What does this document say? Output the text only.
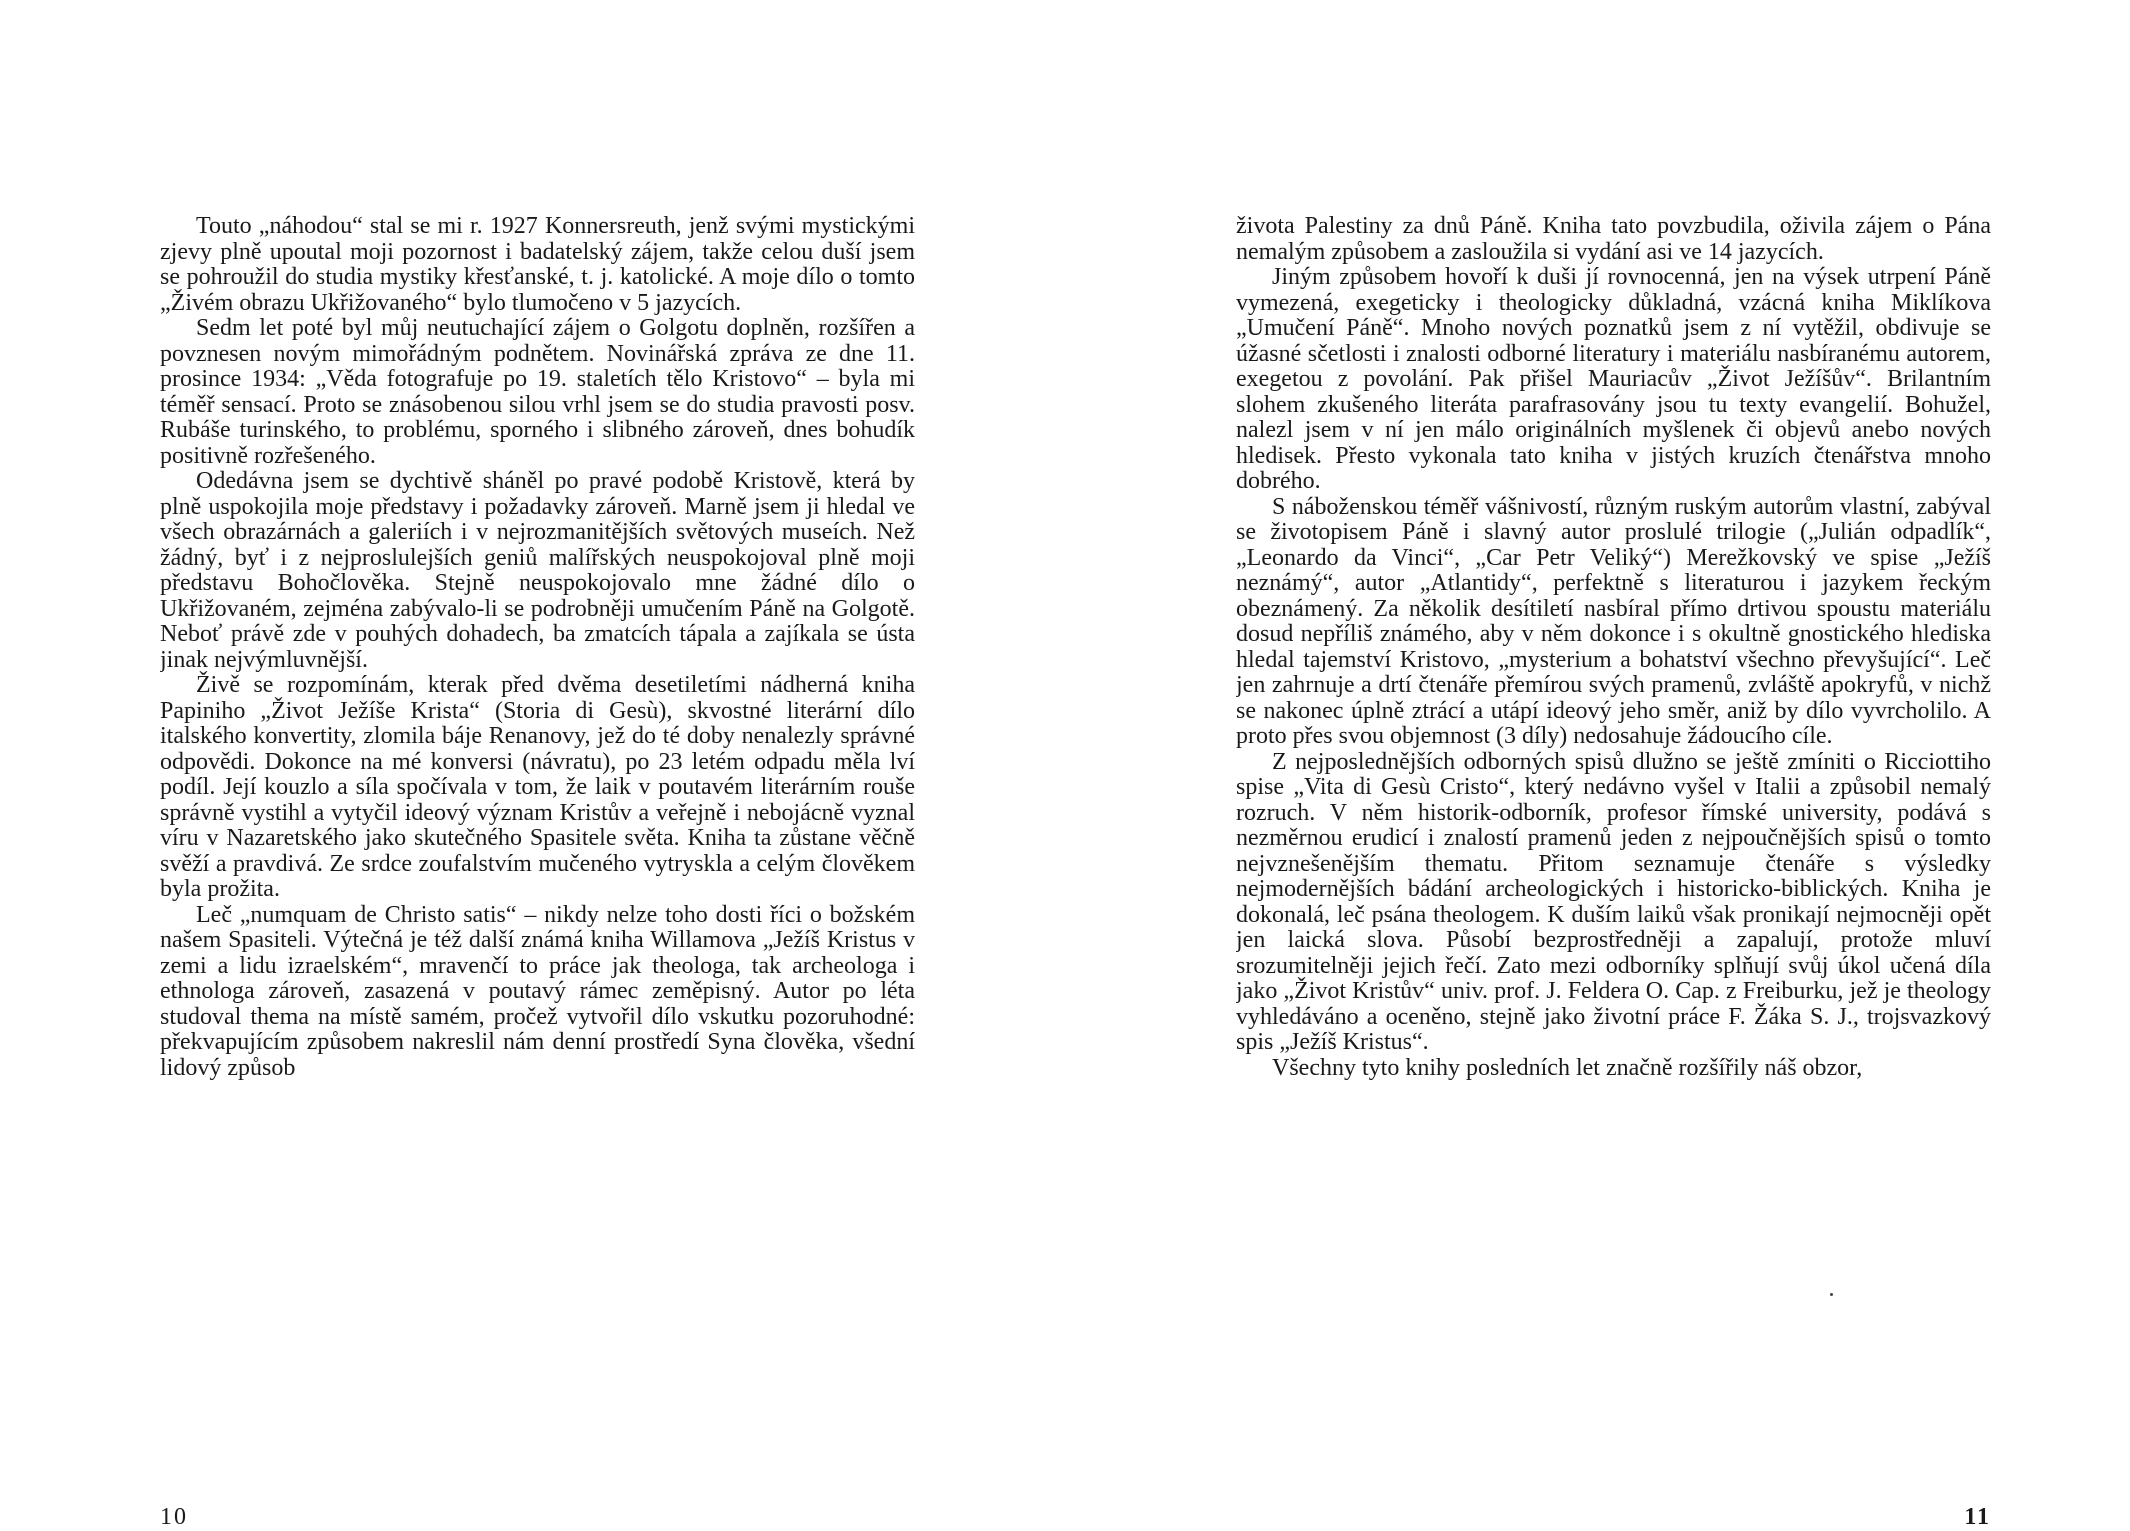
Touto „náhodou“ stal se mi r. 1927 Konnersreuth, jenž svými mystickými zjevy plně upoutal moji pozornost i badatelský zájem, takže celou duší jsem se pohroužil do studia mystiky křesťanské, t. j. katolické. A moje dílo o tomto „Živém obrazu Ukřižovaného“ bylo tlumočeno v 5 jazycích.

Sedm let poté byl můj neutuchající zájem o Golgotu doplněn, rozšířen a povznesen novým mimořádným podnětem. Novinářská zpráva ze dne 11. prosince 1934: „Věda fotografuje po 19. staletích tělo Kristovo“ – byla mi téměř sensací. Proto se znásobenou silou vrhl jsem se do studia pravosti posv. Rubáše turinského, to problému, sporného i slibného zároveň, dnes bohudík positivně rozřešeného.

Odedávna jsem se dychtivě sháněl po pravé podobě Kristově, která by plně uspokojila moje představy i požadavky zároveň. Marně jsem ji hledal ve všech obrazárnách a galeriích i v nejrozmanitějších světových museích. Než žádný, byť i z nejproslulejších geniů malířských neuspokojoval plně moji představu Bohočlověka. Stejně neuspokojovalo mne žádné dílo o Ukřižovaném, zejména zabývalo-li se podrobněji umučením Páně na Golgotě. Neboť právě zde v pouhých dohadech, ba zmatcích tápala a zajíkala se ústa jinak nejvýmluvnější.

Živě se rozpomínám, kterak před dvěma desetiletími nádherná kniha Papiniho „Život Ježíše Krista“ (Storia di Gesù), skvostné literární dílo italského konvertity, zlomila báje Renanovy, jež do té doby nenalezly správné odpovědi. Dokonce na mé konversi (návratu), po 23 letém odpadu měla lví podíl. Její kouzlo a síla spočívala v tom, že laik v poutavém literárním rouše správně vystihl a vytyčil ideový význam Kristův a veřejně i nebojácně vyznal víru v Nazaretského jako skutečného Spasitele světa. Kniha ta zůstane věčně svěží a pravdivá. Ze srdce zoufalstvím mučeného vytryskla a celým člověkem byla prožita.

Leč „numquam de Christo satis“ – nikdy nelze toho dosti říci o božském našem Spasiteli. Výtečná je též další známá kniha Willamova „Ježíš Kristus v zemi a lidu izraelském“, mravenčí to práce jak theologa, tak archeologa i ethnologa zároveň, zasazená v poutavý rámec zeměpisný. Autor po léta studoval thema na místě samém, pročež vytvořil dílo vskutku pozoruhodné: překvapujícím způsobem nakreslil nám denní prostředí Syna člověka, všední lidový způsob

10

života Palestiny za dnů Páně. Kniha tato povzbudila, oživila zájem o Pána nemalým způsobem a zasloužila si vydání asi ve 14 jazycích.

Jiným způsobem hovoří k duši jí rovnocenná, jen na výsek utrpení Páně vymezená, exegeticky i theologicky důkladná, vzácná kniha Miklíkova „Umučení Páně“. Mnoho nových poznatků jsem z ní vytěžil, obdivuje se úžasné sčetlosti i znalosti odborné literatury i materiálu nasbíranému autorem, exegetou z povolání. Pak přišel Mauriacův „Život Ježíšův“. Brilantním slohem zkušeného literáta parafrasovány jsou tu texty evangelií. Bohužel, nalezl jsem v ní jen málo originálních myšlenek či objevů anebo nových hledisek. Přesto vykonala tato kniha v jistých kruzích čtenářstva mnoho dobrého.

S náboženskou téměř vášnivostí, různým ruským autorům vlastní, zabýval se životopisem Páně i slavný autor proslulé trilogie („Julián odpadlík“, „Leonardo da Vinci“, „Car Petr Veliký“) Merežkovský ve spise „Ježíš neznámý“, autor „Atlantidy“, perfektně s literaturou i jazykem řeckým obeznámený. Za několik desítiletí nasbíral přímo drtivou spoustu materiálu dosud nepříliš známého, aby v něm dokonce i s okultně gnostického hlediska hledal tajemství Kristovo, „mysterium a bohatství všechno převyšující“. Leč jen zahrnuje a drtí čtenáře přemírou svých pramenů, zvláště apokryfů, v nichž se nakonec úplně ztrácí a utápí ideový jeho směr, aniž by dílo vyvrcholilo. A proto přes svou objemnost (3 díly) nedosahuje žádoucího cíle.

Z nejposlednějších odborných spisů dlužno se ještě zmíniti o Ricciottiho spise „Vita di Gesù Cristo“, který nedávno vyšel v Italii a způsobil nemalý rozruch. V něm historik-odborník, profesor římské university, podává s nezměrnou erudicí i znalostí pramenů jeden z nejpoučnějších spisů o tomto nejvznešenějším thematu. Přitom seznamuje čtenáře s výsledky nejmodernějších bádání archeologických i historicko-biblických. Kniha je dokonalá, leč psána theologem. K duším laiků však pronikají nejmocněji opět jen laická slova. Působí bezprostředněji a zapalují, protože mluví srozumitelněji jejich řečí. Zato mezi odborníky splňují svůj úkol učená díla jako „Život Kristův“ univ. prof. J. Feldera O. Cap. z Freiburku, jež je theology vyhledáváno a oceněno, stejně jako životní práce F. Žáka S. J., trojsvazkový spis „Ježíš Kristus“.

Všechny tyto knihy posledních let značně rozšířily náš obzor,

11
